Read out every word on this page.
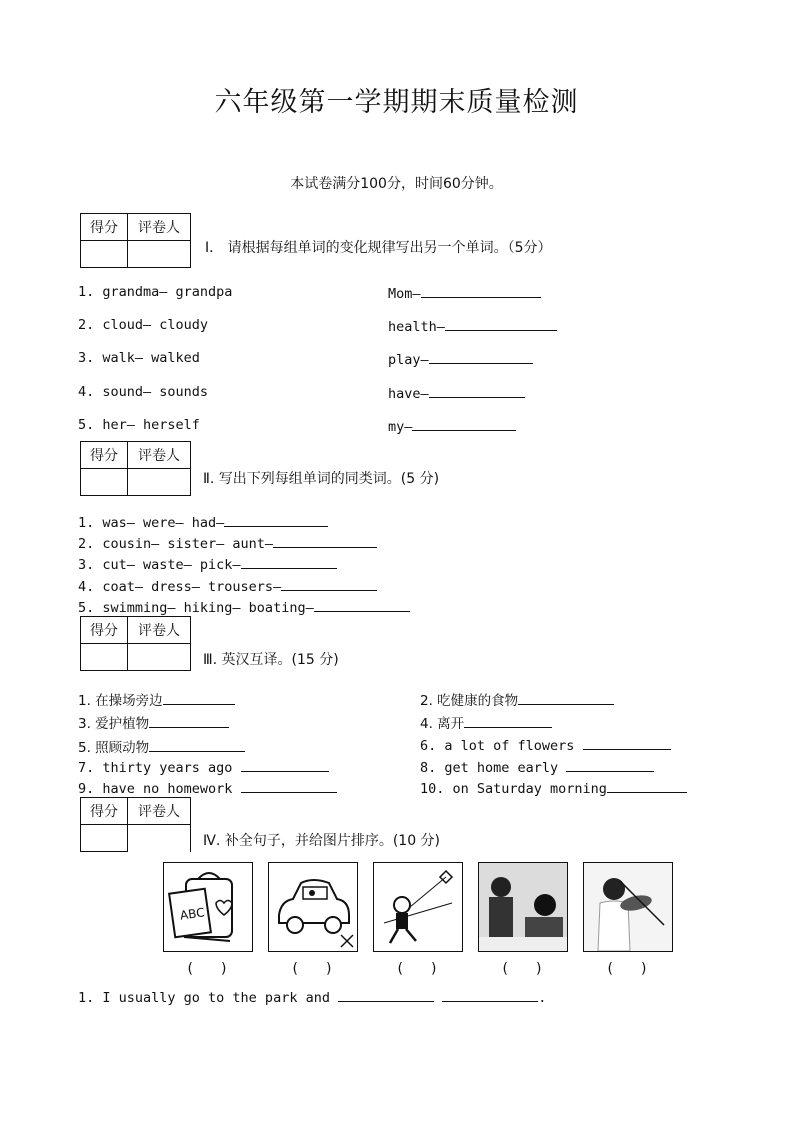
六年级第一学期期末质量检测
本试卷满分100分，时间60分钟。
得分	评卷人

Ⅰ． 请根据每组单词的变化规律写出另一个单词。（5分）
1. grandma— grandpa	Mom—
2. cloud— cloudy	health—
3. walk— walked	play—
4. sound— sounds	have—
5. her— herself	my—
得分	评卷人

Ⅱ. 写出下列每组单词的同类词。(5 分)
1. was— were— had—
2. cousin— sister— aunt—
3. cut— waste— pick—
4. coat— dress— trousers—
5. swimming— hiking— boating—
得分	评卷人

Ⅲ. 英汉互译。(15 分)
1. 在操场旁边	2. 吃健康的食物
3. 爱护植物	4. 离开
5. 照顾动物	6. a lot of flowers
7. thirty years ago	8. get home early
9. have no homework	10. on Saturday morning
得分	评卷人

Ⅳ. 补全句子，并给图片排序。(10 分)
ABC
(　　)	(　　)	(　　)	(　　)	(　　)
1. I usually go to the park and	.
